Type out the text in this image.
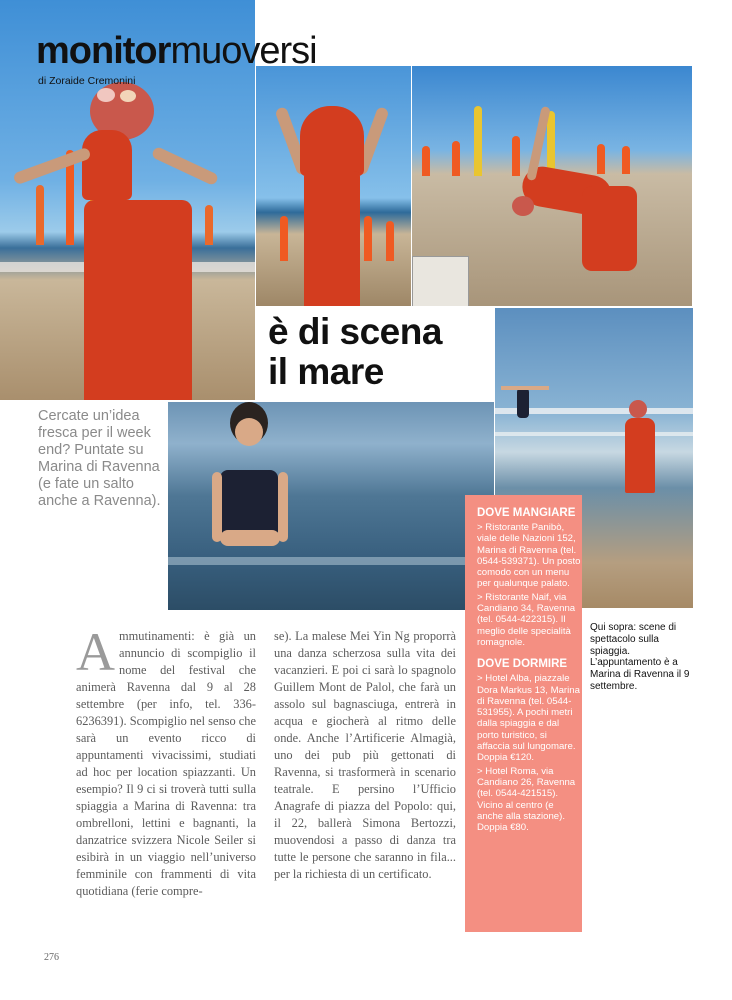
monitormuoversi
di Zoraide Cremonini
è di scena
il mare
Cercate un’idea fresca per il week end? Puntate su Marina di Ravenna (e fate un salto anche a Ravenna).
Ammutinamenti: è già un annuncio di scompiglio il nome del festival che animerà Ravenna dal 9 al 28 settembre (per info, tel. 336-6236391). Scompiglio nel senso che sarà un evento ricco di appuntamenti vivacissimi, studiati ad hoc per location spiazzanti. Un esempio? Il 9 ci si troverà tutti sulla spiaggia a Marina di Ravenna: tra ombrelloni, lettini e bagnanti, la danzatrice svizzera Nicole Seiler si esibirà in un viaggio nell’universo femminile con frammenti di vita quotidiana (ferie compre-
se). La malese Mei Yin Ng proporrà una danza scherzosa sulla vita dei vacanzieri. E poi ci sarà lo spagnolo Guillem Mont de Palol, che farà un assolo sul bagnasciuga, entrerà in acqua e giocherà al ritmo delle onde. Anche l’Artificerie Almagià, uno dei pub più gettonati di Ravenna, si trasformerà in scenario teatrale. E persino l’Ufficio Anagrafe di piazza del Popolo: qui, il 22, ballerà Simona Bertozzi, muovendosi a passo di danza tra tutte le persone che saranno in fila... per la richiesta di un certificato.
DOVE MANGIARE

> Ristorante Panibò, viale delle Nazioni 152, Marina di Ravenna (tel. 0544-539371). Un posto comodo con un menu per qualunque palato.

> Ristorante Naif, via Candiano 34, Ravenna (tel. 0544-422315). Il meglio delle specialità romagnole.

DOVE DORMIRE

> Hotel Alba, piazzale Dora Markus 13, Marina di Ravenna (tel. 0544-531955). A pochi metri dalla spiaggia e dal porto turistico, si affaccia sul lungomare. Doppia €120.

> Hotel Roma, via Candiano 26, Ravenna (tel. 0544-421515). Vicino al centro (e anche alla stazione). Doppia €80.

Qui sopra: scene di spettacolo sulla spiaggia. L’appuntamento è a Marina di Ravenna il 9 settembre.
276
